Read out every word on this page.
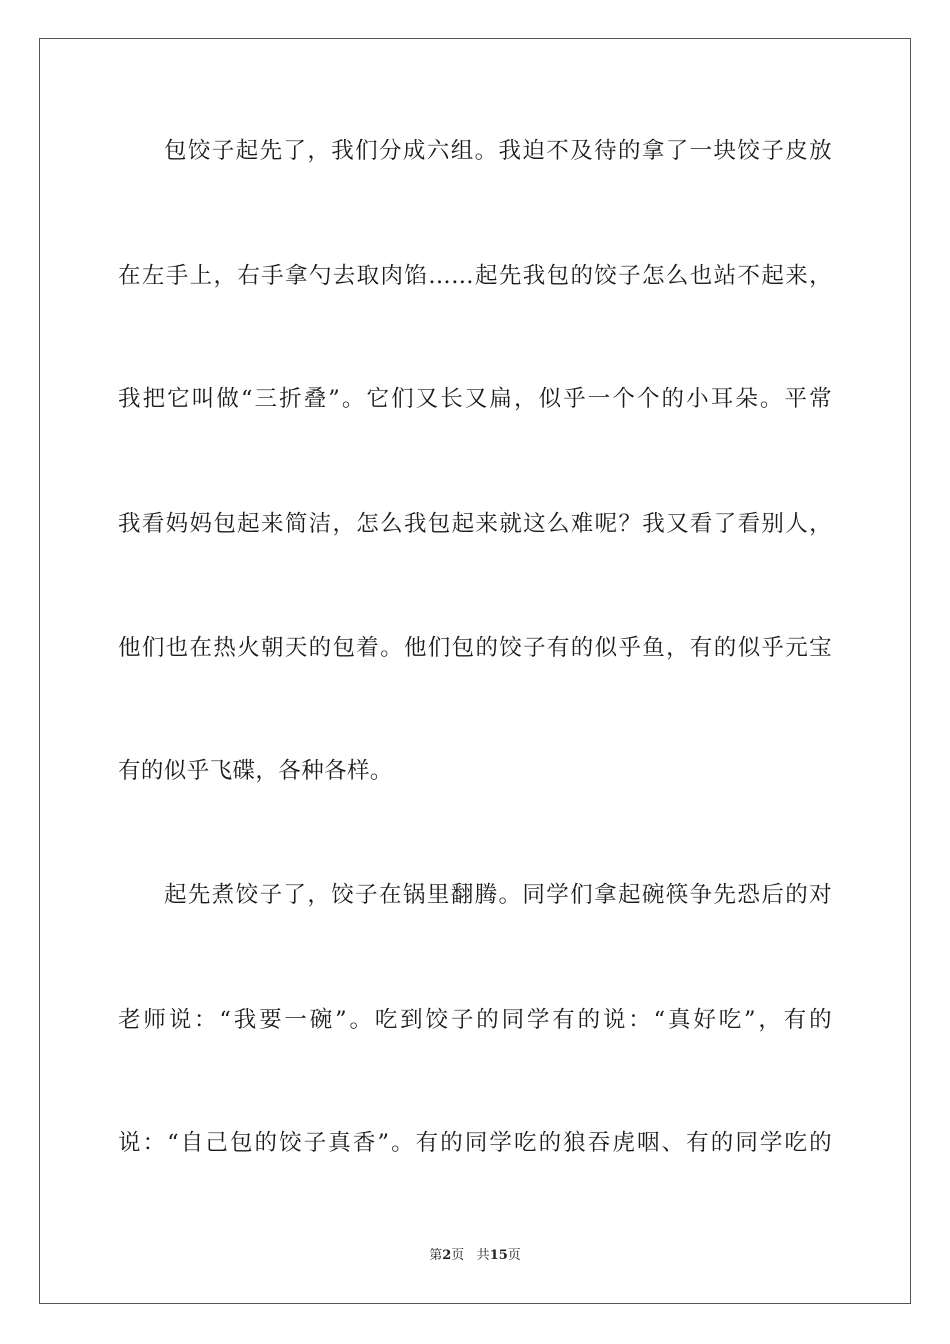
包饺子起先了，我们分成六组。我迫不及待的拿了一块饺子皮放
在左手上，右手拿勺去取肉馅……起先我包的饺子怎么也站不起来，
我把它叫做“三折叠”。它们又长又扁，似乎一个个的小耳朵。平常
我看妈妈包起来简洁，怎么我包起来就这么难呢？我又看了看别人，
他们也在热火朝天的包着。他们包的饺子有的似乎鱼，有的似乎元宝
有的似乎飞碟，各种各样。
起先煮饺子了，饺子在锅里翻腾。同学们拿起碗筷争先恐后的对
老师说：“我要一碗”。吃到饺子的同学有的说：“真好吃”，有的
说：“自己包的饺子真香”。有的同学吃的狼吞虎咽、有的同学吃的
第2页 共15页
